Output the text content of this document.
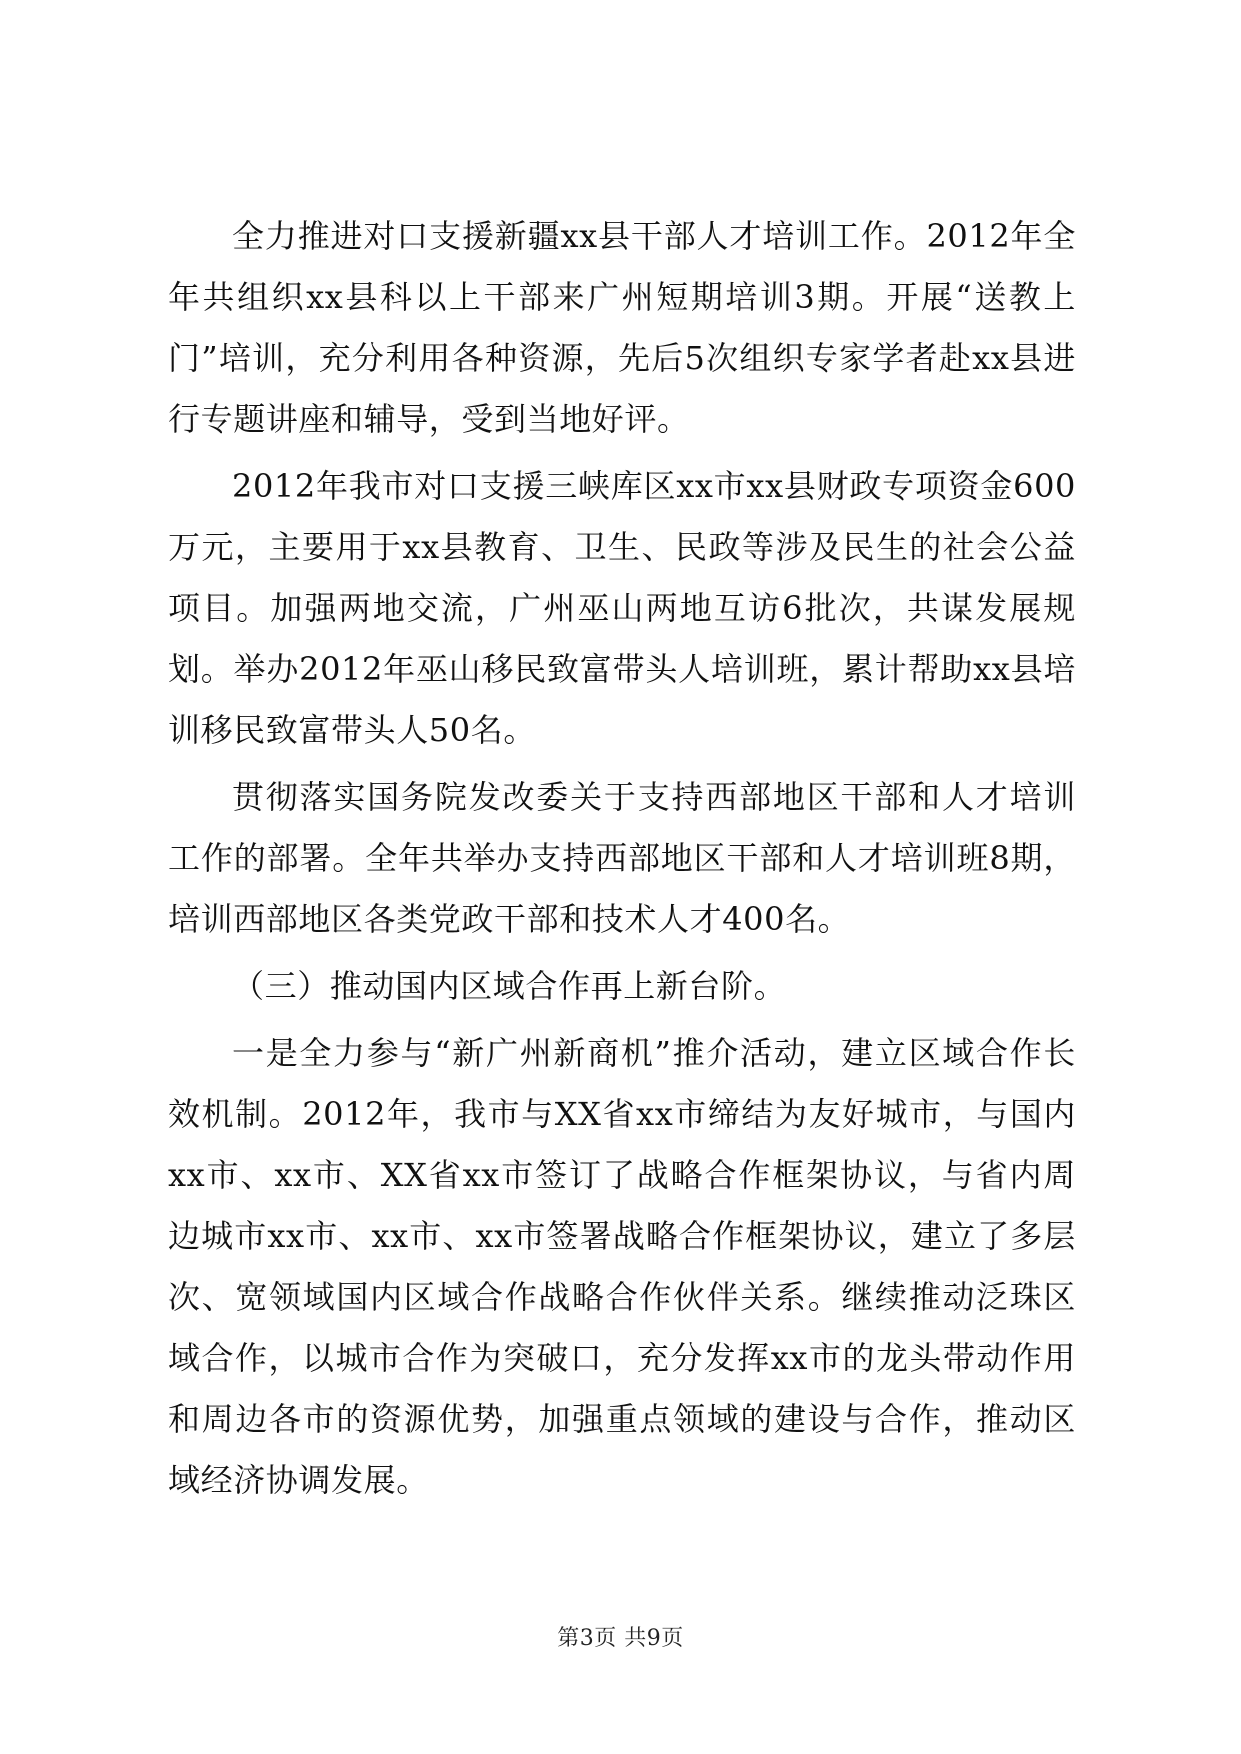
全力推进对口支援新疆xx县干部人才培训工作。2012年全年共组织xx县科以上干部来广州短期培训3期。开展“送教上门”培训，充分利用各种资源，先后5次组织专家学者赴xx县进行专题讲座和辅导，受到当地好评。

2012年我市对口支援三峡库区xx市xx县财政专项资金600万元，主要用于xx县教育、卫生、民政等涉及民生的社会公益项目。加强两地交流，广州巫山两地互访6批次，共谋发展规划。举办2012年巫山移民致富带头人培训班，累计帮助xx县培训移民致富带头人50名。

贯彻落实国务院发改委关于支持西部地区干部和人才培训工作的部署。全年共举办支持西部地区干部和人才培训班8期，培训西部地区各类党政干部和技术人才400名。

（三）推动国内区域合作再上新台阶。

一是全力参与“新广州新商机”推介活动，建立区域合作长效机制。2012年，我市与XX省xx市缔结为友好城市，与国内xx市、xx市、XX省xx市签订了战略合作框架协议，与省内周边城市xx市、xx市、xx市签署战略合作框架协议，建立了多层次、宽领域国内区域合作战略合作伙伴关系。继续推动泛珠区域合作，以城市合作为突破口，充分发挥xx市的龙头带动作用和周边各市的资源优势，加强重点领域的建设与合作，推动区域经济协调发展。

第3页 共9页
